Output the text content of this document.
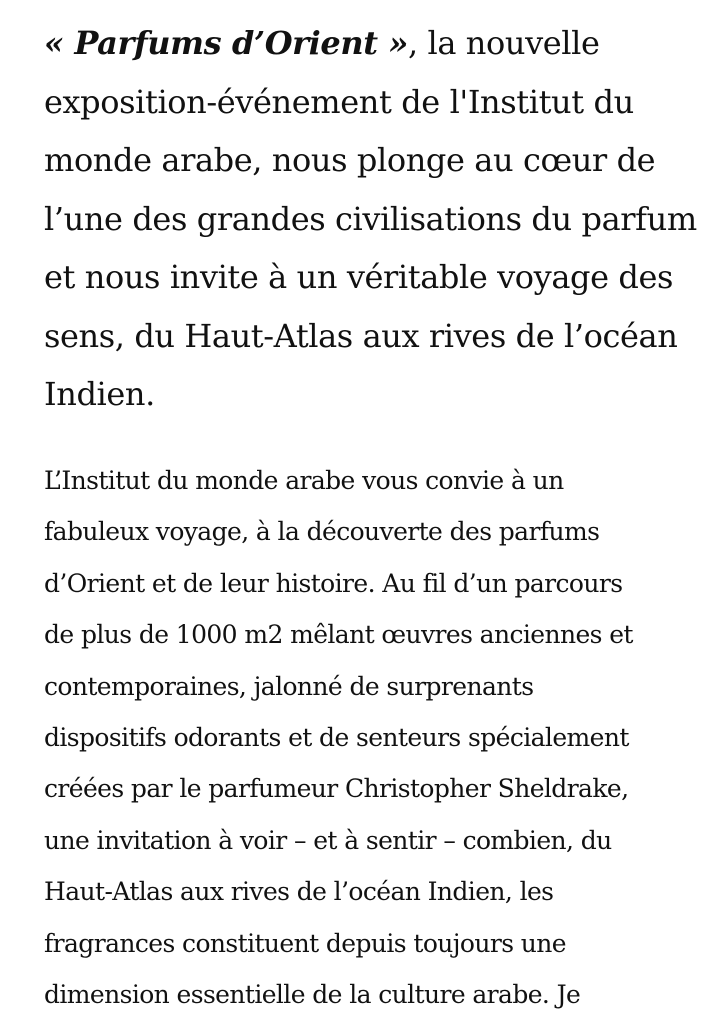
« Parfums d’Orient », la nouvelle
exposition-événement de l'Institut du
monde arabe, nous plonge au cœur de
l’une des grandes civilisations du parfum
et nous invite à un véritable voyage des
sens, du Haut-Atlas aux rives de l’océan
Indien.

L’Institut du monde arabe vous convie à un
fabuleux voyage, à la découverte des parfums
d’Orient et de leur histoire. Au fil d’un parcours
de plus de 1000 m2 mêlant œuvres anciennes et
contemporaines, jalonné de surprenants
dispositifs odorants et de senteurs spécialement
créées par le parfumeur Christopher Sheldrake,
une invitation à voir – et à sentir – combien, du
Haut-Atlas aux rives de l’océan Indien, les
fragrances constituent depuis toujours une
dimension essentielle de la culture arabe. Je
